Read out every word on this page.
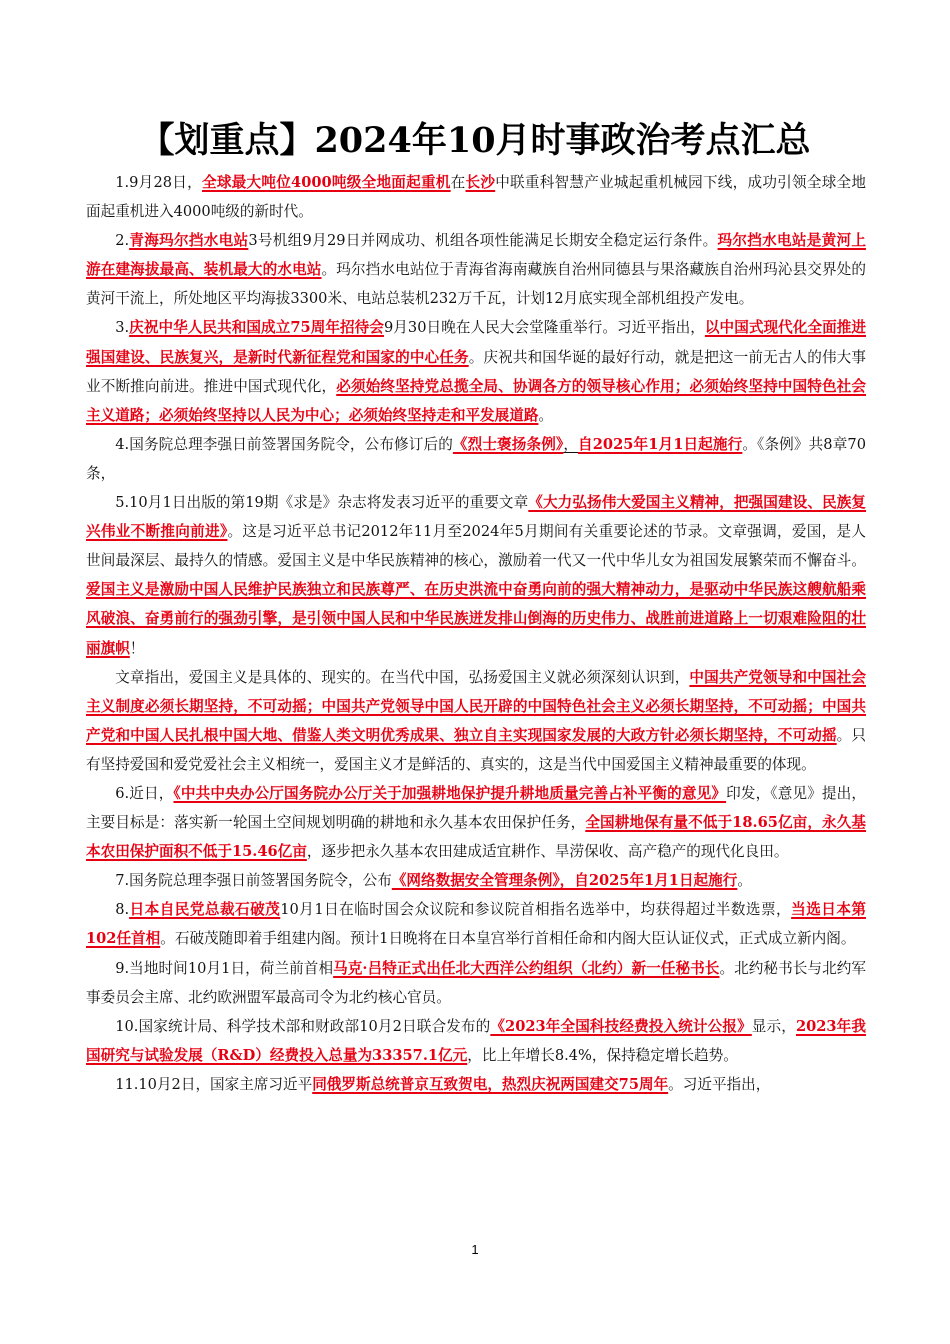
【划重点】2024年10月时事政治考点汇总

1.9月28日，全球最大吨位4000吨级全地面起重机在长沙中联重科智慧产业城起重机械园下线，成功引领全球全地面起重机进入4000吨级的新时代。

2.青海玛尔挡水电站3号机组9月29日并网成功、机组各项性能满足长期安全稳定运行条件。玛尔挡水电站是黄河上游在建海拔最高、装机最大的水电站。玛尔挡水电站位于青海省海南藏族自治州同德县与果洛藏族自治州玛沁县交界处的黄河干流上，所处地区平均海拔3300米、电站总装机232万千瓦，计划12月底实现全部机组投产发电。

3.庆祝中华人民共和国成立75周年招待会9月30日晚在人民大会堂隆重举行。习近平指出，以中国式现代化全面推进强国建设、民族复兴，是新时代新征程党和国家的中心任务。庆祝共和国华诞的最好行动，就是把这一前无古人的伟大事业不断推向前进。推进中国式现代化，必须始终坚持党总揽全局、协调各方的领导核心作用；必须始终坚持中国特色社会主义道路；必须始终坚持以人民为中心；必须始终坚持走和平发展道路。

4.国务院总理李强日前签署国务院令，公布修订后的《烈士褒扬条例》，自2025年1月1日起施行。《条例》共8章70条，

5.10月1日出版的第19期《求是》杂志将发表习近平的重要文章《大力弘扬伟大爱国主义精神，把强国建设、民族复兴伟业不断推向前进》。这是习近平总书记2012年11月至2024年5月期间有关重要论述的节录。文章强调，爱国，是人世间最深层、最持久的情感。爱国主义是中华民族精神的核心，激励着一代又一代中华儿女为祖国发展繁荣而不懈奋斗。爱国主义是激励中国人民维护民族独立和民族尊严、在历史洪流中奋勇向前的强大精神动力，是驱动中华民族这艘航船乘风破浪、奋勇前行的强劲引擎，是引领中国人民和中华民族迸发排山倒海的历史伟力、战胜前进道路上一切艰难险阻的壮丽旗帜！

文章指出，爱国主义是具体的、现实的。在当代中国，弘扬爱国主义就必须深刻认识到，中国共产党领导和中国社会主义制度必须长期坚持，不可动摇；中国共产党领导中国人民开辟的中国特色社会主义必须长期坚持，不可动摇；中国共产党和中国人民扎根中国大地、借鉴人类文明优秀成果、独立自主实现国家发展的大政方针必须长期坚持，不可动摇。只有坚持爱国和爱党爱社会主义相统一，爱国主义才是鲜活的、真实的，这是当代中国爱国主义精神最重要的体现。

6.近日，《中共中央办公厅国务院办公厅关于加强耕地保护提升耕地质量完善占补平衡的意见》印发，《意见》提出，主要目标是：落实新一轮国土空间规划明确的耕地和永久基本农田保护任务，全国耕地保有量不低于18.65亿亩，永久基本农田保护面积不低于15.46亿亩，逐步把永久基本农田建成适宜耕作、旱涝保收、高产稳产的现代化良田。

7.国务院总理李强日前签署国务院令，公布《网络数据安全管理条例》，自2025年1月1日起施行。

8.日本自民党总裁石破茂10月1日在临时国会众议院和参议院首相指名选举中，均获得超过半数选票，当选日本第102任首相。石破茂随即着手组建内阁。预计1日晚将在日本皇宫举行首相任命和内阁大臣认证仪式，正式成立新内阁。

9.当地时间10月1日，荷兰前首相马克·吕特正式出任北大西洋公约组织（北约）新一任秘书长。北约秘书长与北约军事委员会主席、北约欧洲盟军最高司令为北约核心官员。

10.国家统计局、科学技术部和财政部10月2日联合发布的《2023年全国科技经费投入统计公报》显示，2023年我国研究与试验发展（R&D）经费投入总量为33357.1亿元，比上年增长8.4%，保持稳定增长趋势。

11.10月2日，国家主席习近平同俄罗斯总统普京互致贺电，热烈庆祝两国建交75周年。习近平指出，

1
